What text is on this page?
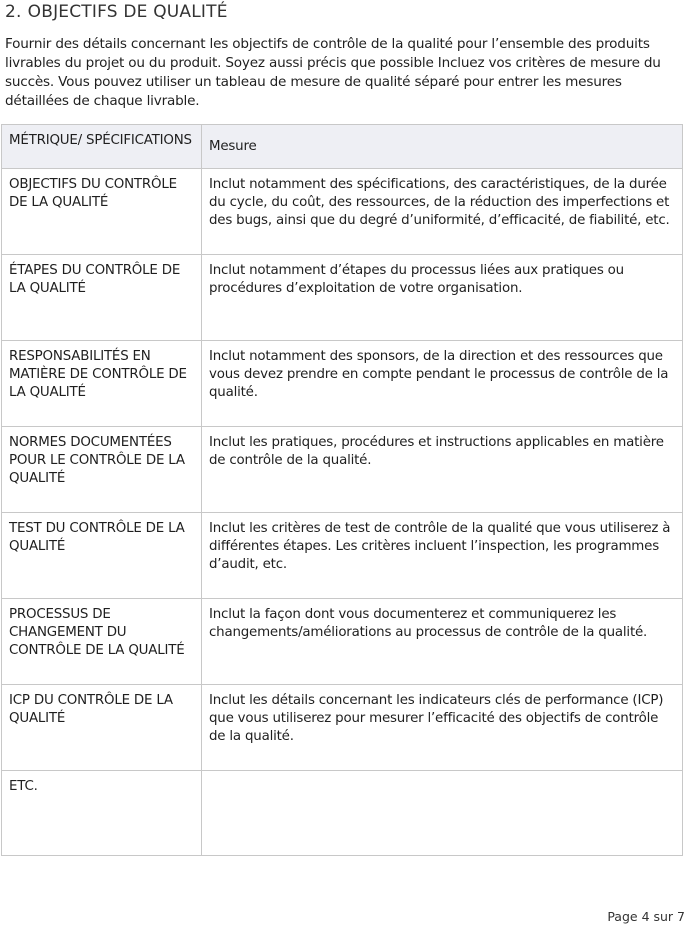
2. OBJECTIFS DE QUALITÉ

Fournir des détails concernant les objectifs de contrôle de la qualité pour l’ensemble des produits livrables du projet ou du produit. Soyez aussi précis que possible Incluez vos critères de mesure du succès. Vous pouvez utiliser un tableau de mesure de qualité séparé pour entrer les mesures détaillées de chaque livrable.

MÉTRIQUE/ SPÉCIFICATIONS	Mesure
OBJECTIFS DU CONTRÔLE DE LA QUALITÉ	Inclut notamment des spécifications, des caractéristiques, de la durée du cycle, du coût, des ressources, de la réduction des imperfections et des bugs, ainsi que du degré d’uniformité, d’efficacité, de fiabilité, etc.
ÉTAPES DU CONTRÔLE DE LA QUALITÉ	Inclut notamment d’étapes du processus liées aux pratiques ou procédures d’exploitation de votre organisation.
RESPONSABILITÉS EN MATIÈRE DE CONTRÔLE DE LA QUALITÉ	Inclut notamment des sponsors, de la direction et des ressources que vous devez prendre en compte pendant le processus de contrôle de la qualité.
NORMES DOCUMENTÉES POUR LE CONTRÔLE DE LA QUALITÉ	Inclut les pratiques, procédures et instructions applicables en matière de contrôle de la qualité.
TEST DU CONTRÔLE DE LA QUALITÉ	Inclut les critères de test de contrôle de la qualité que vous utiliserez à différentes étapes. Les critères incluent l’inspection, les programmes d’audit, etc.
PROCESSUS DE CHANGEMENT DU CONTRÔLE DE LA QUALITÉ	Inclut la façon dont vous documenterez et communiquerez les changements/améliorations au processus de contrôle de la qualité.
ICP DU CONTRÔLE DE LA QUALITÉ	Inclut les détails concernant les indicateurs clés de performance (ICP) que vous utiliserez pour mesurer l’efficacité des objectifs de contrôle de la qualité.
ETC.	
Page 4 sur 7
